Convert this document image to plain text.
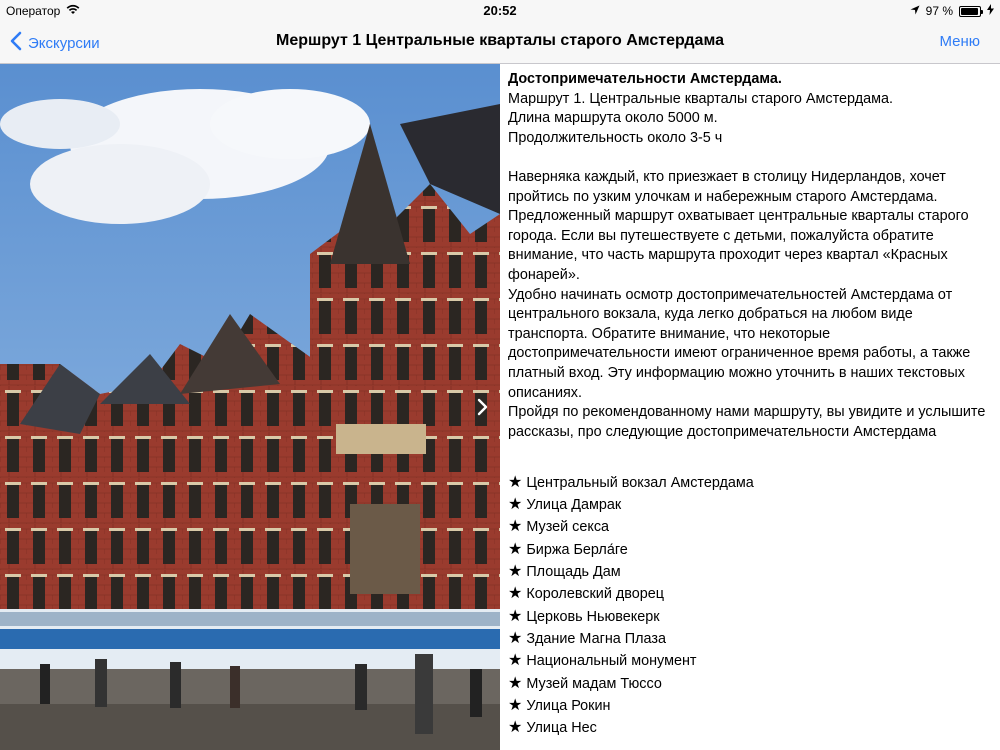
Оператор	20:52	97 %
Экскурсии	Мершрут 1 Центральные кварталы старого Амстердама	Меню

Достопримечательности Амстердама.

Маршрут 1. Центральные кварталы старого Амстердама.

Длина маршрута около 5000 м.

Продолжительность около 3-5 ч

Наверняка каждый, кто приезжает в столицу Нидерландов, хочет пройтись по узким улочкам и набережным старого Амстердама. Предложенный маршрут охватывает центральные кварталы старого города. Если вы путешествуете с детьми, пожалуйста обратите внимание, что часть маршрута проходит через квартал «Красных фонарей».

Удобно начинать осмотр достопримечательностей Амстердама от центрального вокзала, куда легко добраться на любом виде транспорта. Обратите внимание, что некоторые достопримечательности имеют ограниченное время работы, а также платный вход. Эту информацию можно уточнить в наших текстовых описаниях.

Пройдя по рекомендованному нами маршруту, вы увидите и услышите рассказы, про следующие достопримечательности Амстердама

★ Центральный вокзал Амстердама
★ Улица Дамрак
★ Музей секса
★ Биржа Берла́ге
★ Площадь Дам
★ Королевский дворец
★ Церковь Ньювекерк
★ Здание Магна Плаза
★ Национальный монумент
★ Музей мадам Тюссо
★ Улица Рокин
★ Улица Нес
